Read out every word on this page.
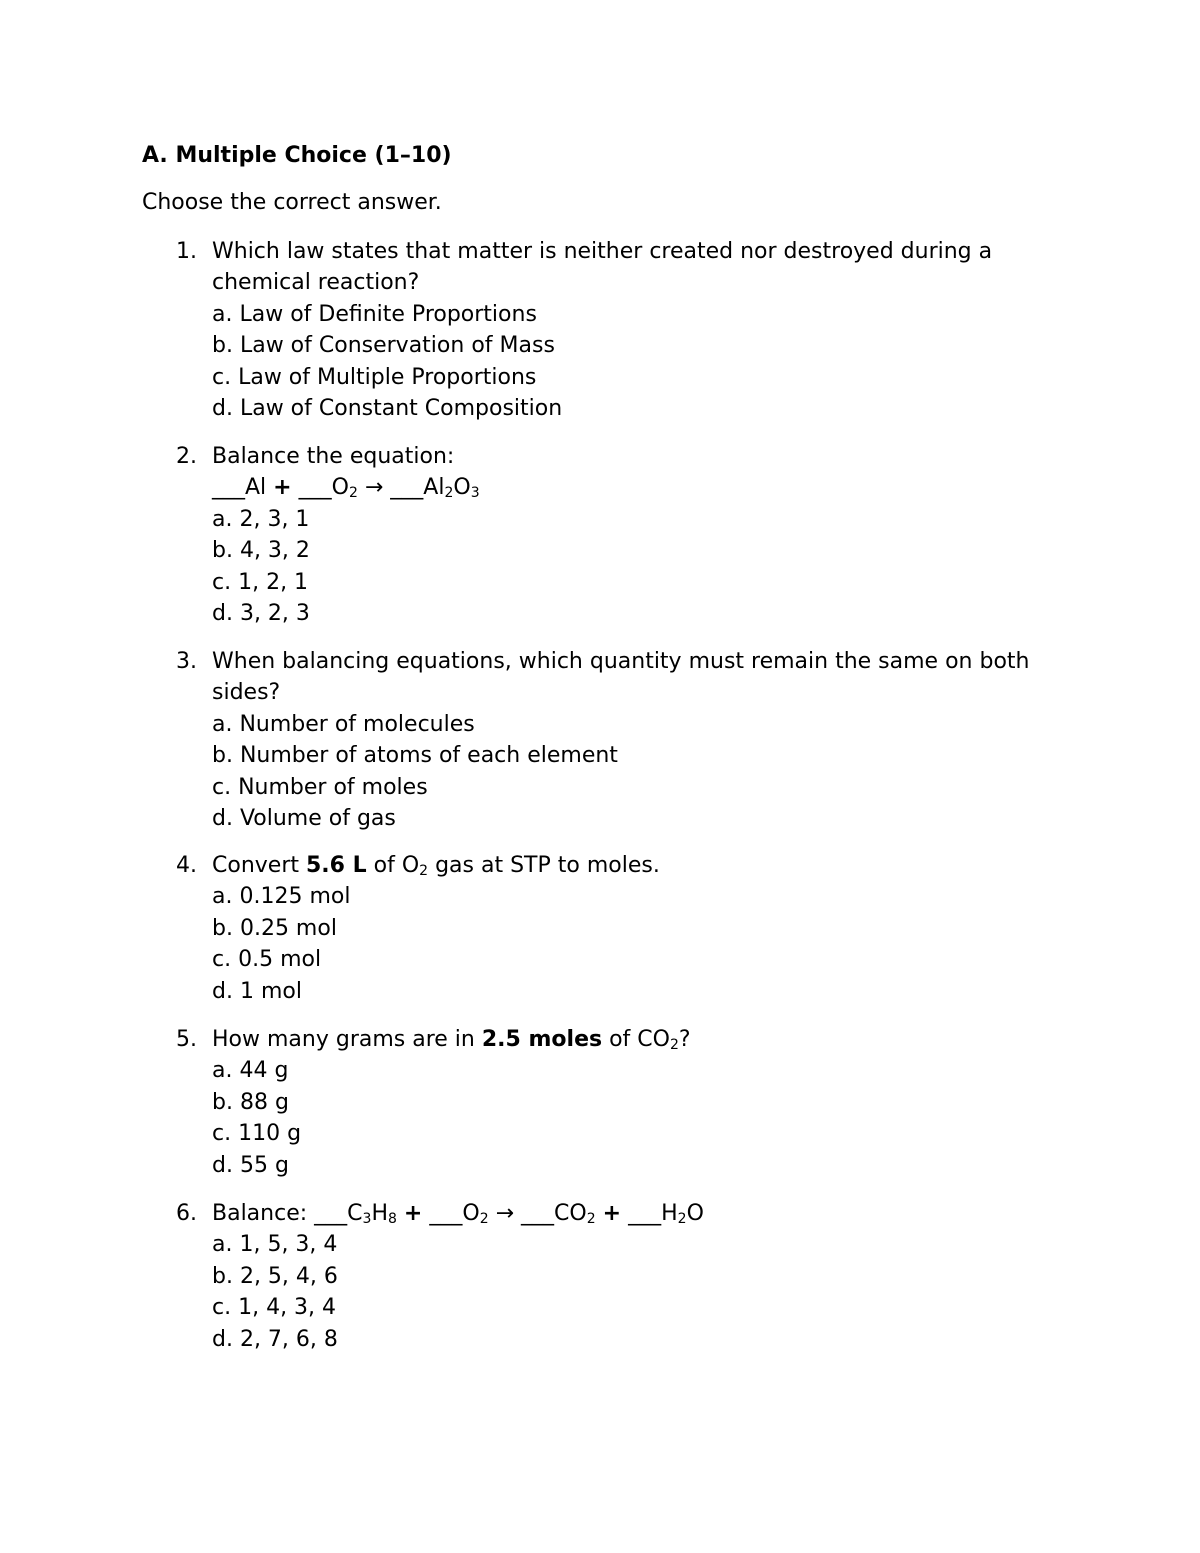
A. Multiple Choice (1–10)
Choose the correct answer.
1. Which law states that matter is neither created nor destroyed during a chemical reaction?
a. Law of Definite Proportions
b. Law of Conservation of Mass
c. Law of Multiple Proportions
d. Law of Constant Composition
2. Balance the equation:
___Al + $\_\_\_O_2$ → $\_\_\_Al_2O_3$
a. 2, 3, 1
b. 4, 3, 2
c. 1, 2, 1
d. 3, 2, 3
3. When balancing equations, which quantity must remain the same on both sides?
a. Number of molecules
b. Number of atoms of each element
c. Number of moles
d. Volume of gas
4. Convert 5.6 L of $O_2$ gas at STP to moles.
a. 0.125 mol
b. 0.25 mol
c. 0.5 mol
d. 1 mol
5. How many grams are in 2.5 moles of $CO_2$?
a. 44 g
b. 88 g
c. 110 g
d. 55 g
6. Balance: $\_\_\_C_3H_8$ + $\_\_\_O_2$ → $\_\_\_CO_2$ + $\_\_\_H_2O$
a. 1, 5, 3, 4
b. 2, 5, 4, 6
c. 1, 4, 3, 4
d. 2, 7, 6, 8
